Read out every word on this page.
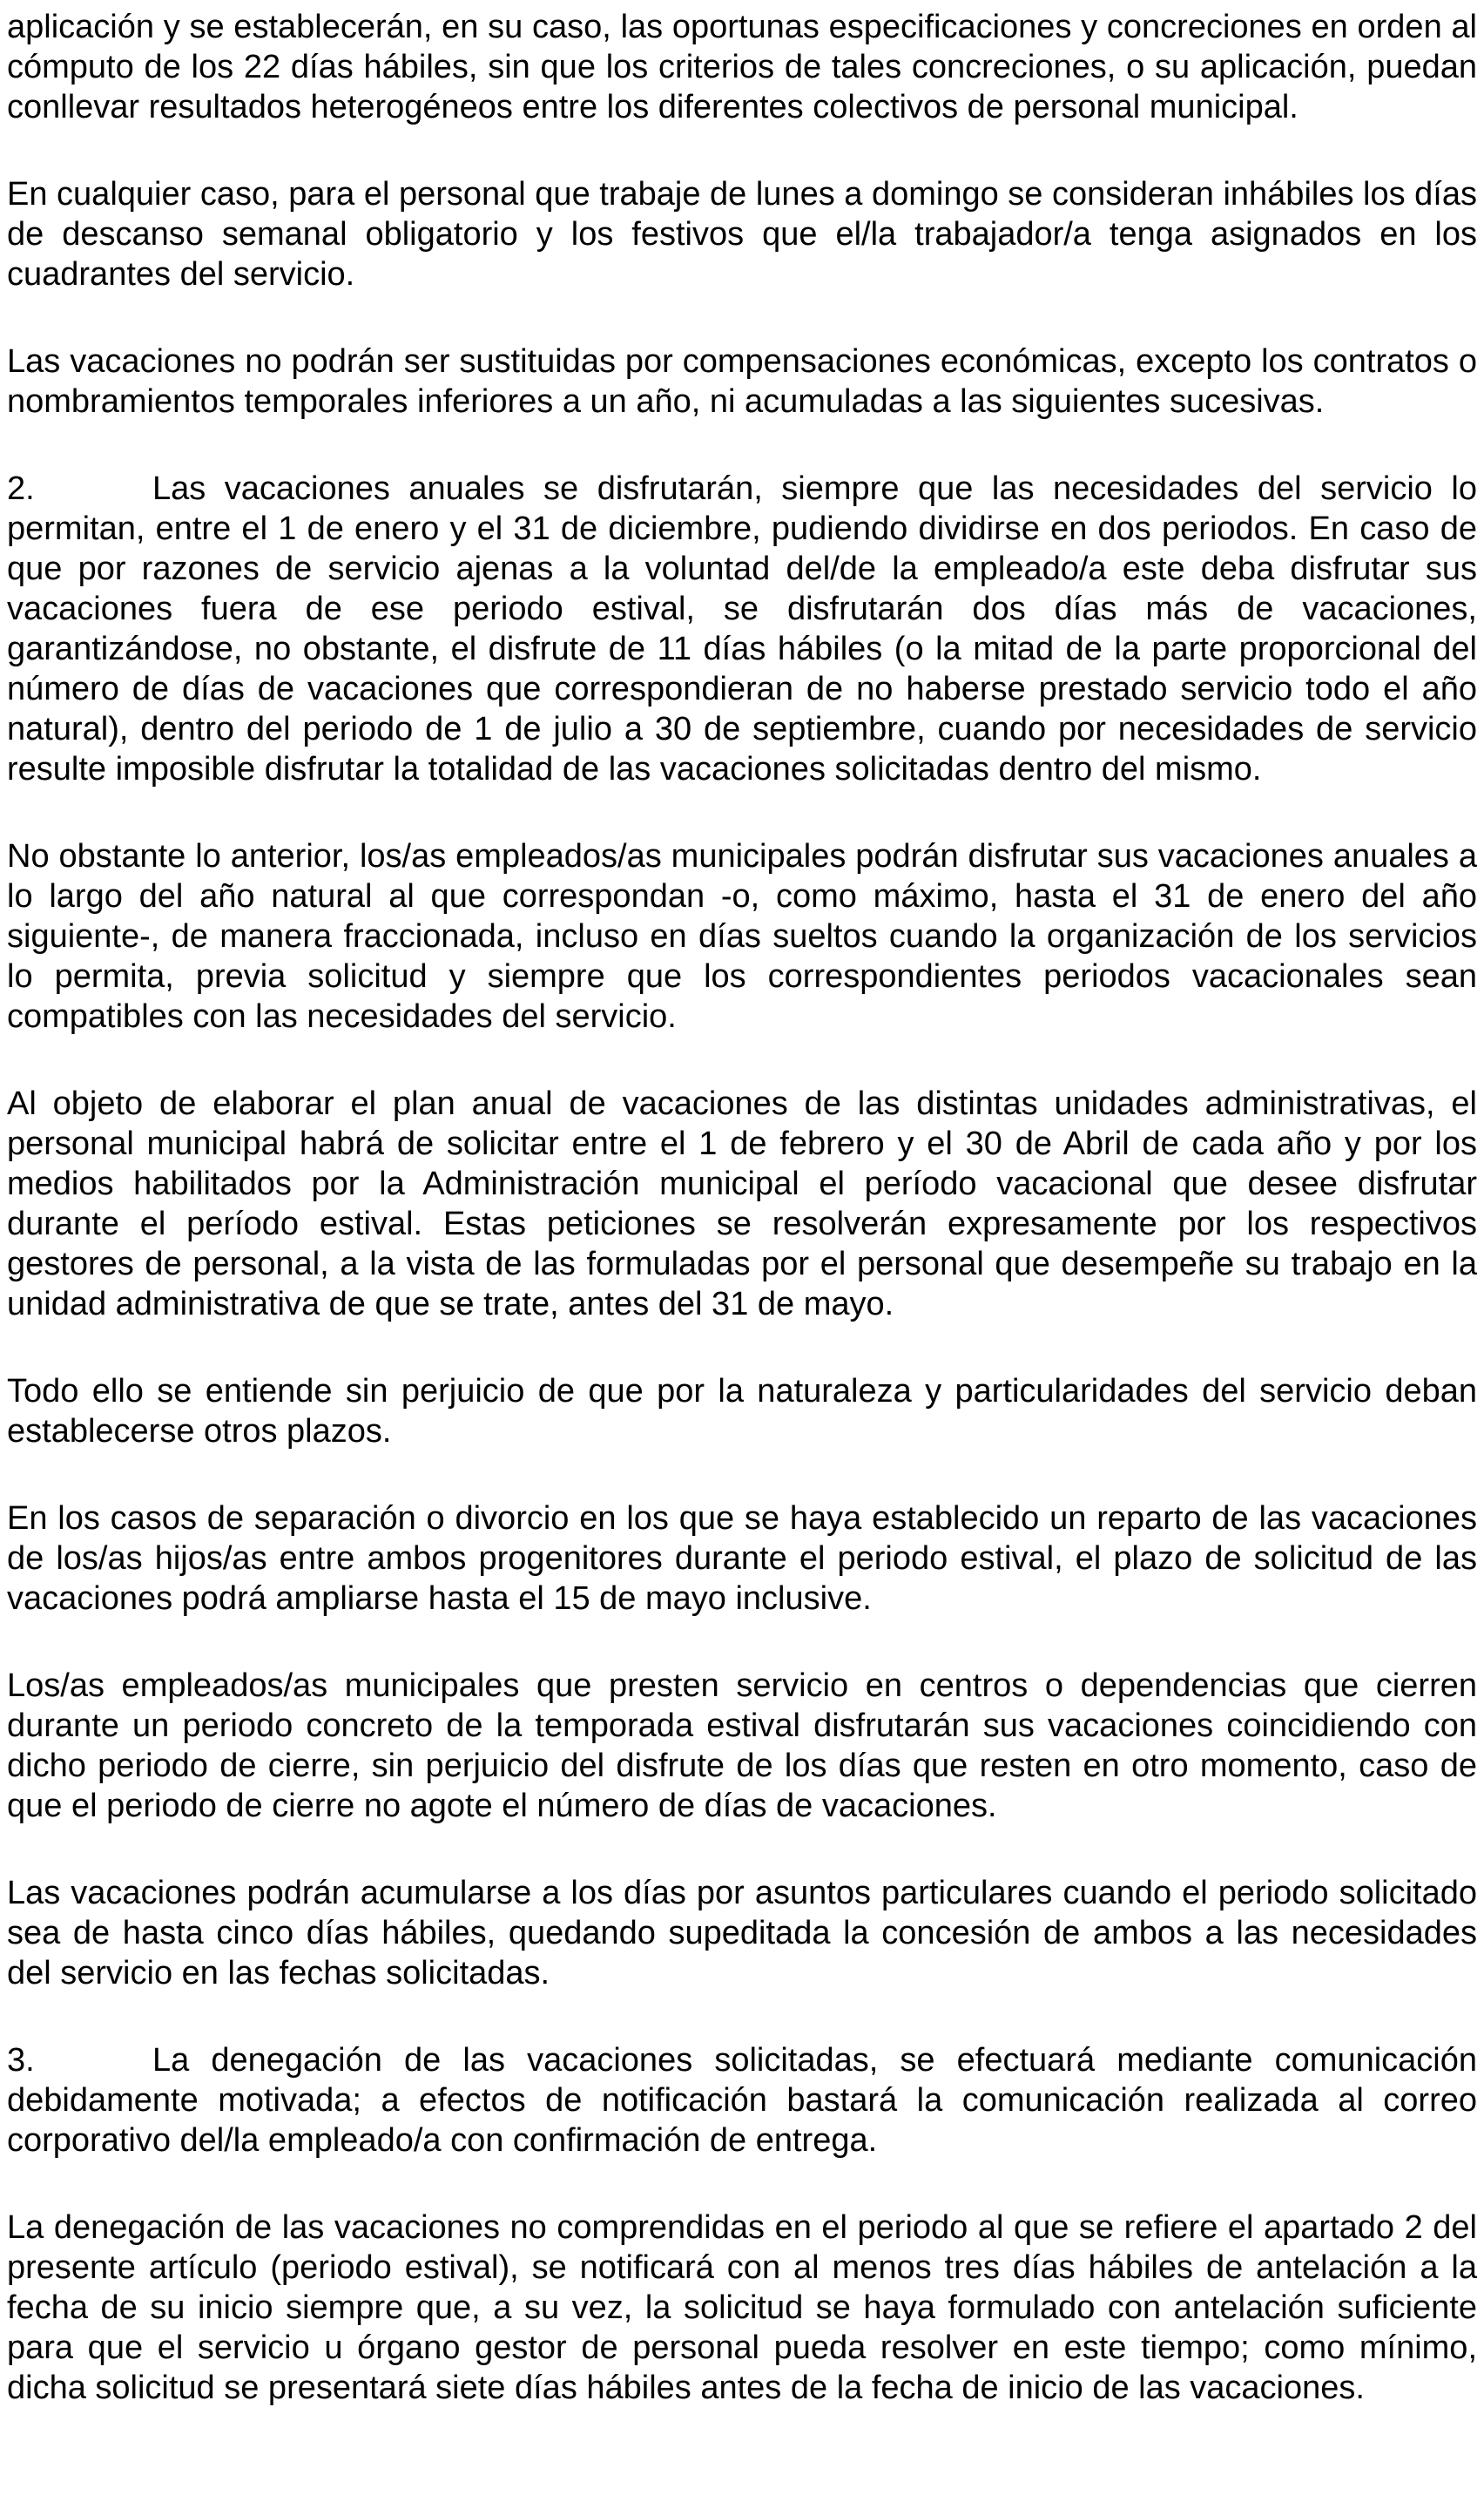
aplicación y se establecerán, en su caso, las oportunas especificaciones y concreciones en orden al cómputo de los 22 días hábiles, sin que los criterios de tales concreciones, o su aplicación, puedan conllevar resultados heterogéneos entre los diferentes colectivos de personal municipal.

En cualquier caso, para el personal que trabaje de lunes a domingo se consideran inhábiles los días de descanso semanal obligatorio y los festivos que el/la trabajador/a tenga asignados en los cuadrantes del servicio.

Las vacaciones no podrán ser sustituidas por compensaciones económicas, excepto los contratos o nombramientos temporales inferiores a un año, ni acumuladas a las siguientes sucesivas.

2.	Las vacaciones anuales se disfrutarán, siempre que las necesidades del servicio lo permitan, entre el 1 de enero y el 31 de diciembre, pudiendo dividirse en dos periodos. En caso de que por razones de servicio ajenas a la voluntad del/de la empleado/a este deba disfrutar sus vacaciones fuera de ese periodo estival, se disfrutarán dos días más de vacaciones, garantizándose, no obstante, el disfrute de 11 días hábiles (o la mitad de la parte proporcional del número de días de vacaciones que correspondieran de no haberse prestado servicio todo el año natural), dentro del periodo de 1 de julio a 30 de septiembre, cuando por necesidades de servicio resulte imposible disfrutar la totalidad de las vacaciones solicitadas dentro del mismo.

No obstante lo anterior, los/as empleados/as municipales podrán disfrutar sus vacaciones anuales a lo largo del año natural al que correspondan -o, como máximo, hasta el 31 de enero del año siguiente-, de manera fraccionada, incluso en días sueltos cuando la organización de los servicios lo permita, previa solicitud y siempre que los correspondientes periodos vacacionales sean compatibles con las necesidades del servicio.

Al objeto de elaborar el plan anual de vacaciones de las distintas unidades administrativas, el personal municipal habrá de solicitar entre el 1 de febrero y el 30 de Abril de cada año y por los medios habilitados por la Administración municipal el período vacacional que desee disfrutar durante el período estival. Estas peticiones se resolverán expresamente por los respectivos gestores de personal, a la vista de las formuladas por el personal que desempeñe su trabajo en la unidad administrativa de que se trate, antes del 31 de mayo.

Todo ello se entiende sin perjuicio de que por la naturaleza y particularidades del servicio deban establecerse otros plazos.

En los casos de separación o divorcio en los que se haya establecido un reparto de las vacaciones de los/as hijos/as entre ambos progenitores durante el periodo estival, el plazo de solicitud de las vacaciones podrá ampliarse hasta el 15 de mayo inclusive.

Los/as empleados/as municipales que presten servicio en centros o dependencias que cierren durante un periodo concreto de la temporada estival disfrutarán sus vacaciones coincidiendo con dicho periodo de cierre, sin perjuicio del disfrute de los días que resten en otro momento, caso de que el periodo de cierre no agote el número de días de vacaciones.

Las vacaciones podrán acumularse a los días por asuntos particulares cuando el periodo solicitado sea de hasta cinco días hábiles, quedando supeditada la concesión de ambos a las necesidades del servicio en las fechas solicitadas.

3.	La denegación de las vacaciones solicitadas, se efectuará mediante comunicación debidamente motivada; a efectos de notificación bastará la comunicación realizada al correo corporativo del/la empleado/a con confirmación de entrega.

La denegación de las vacaciones no comprendidas en el periodo al que se refiere el apartado 2 del presente artículo (periodo estival), se notificará con al menos tres días hábiles de antelación a la fecha de su inicio siempre que, a su vez, la solicitud se haya formulado con antelación suficiente para que el servicio u órgano gestor de personal pueda resolver en este tiempo; como mínimo, dicha solicitud se presentará siete días hábiles antes de la fecha de inicio de las vacaciones.
